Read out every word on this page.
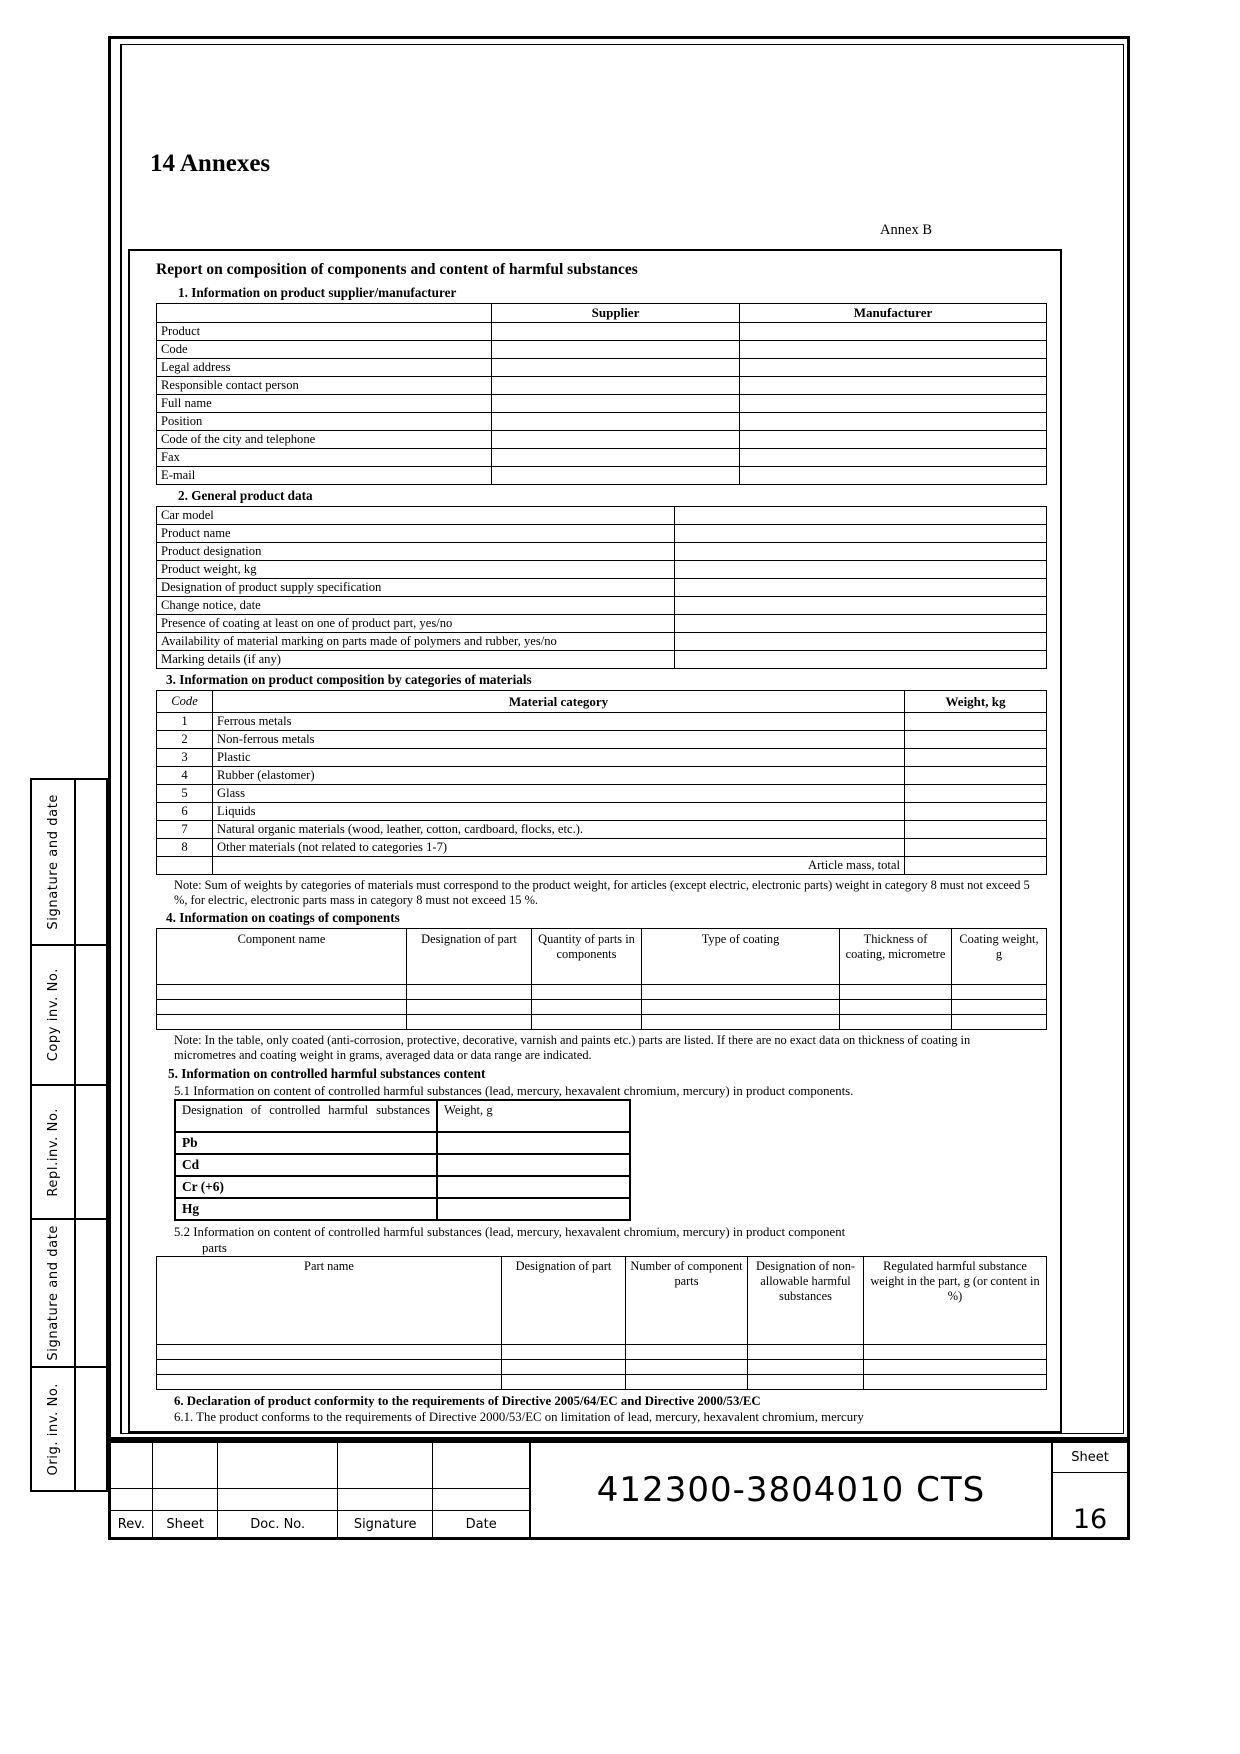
Signature and date
Copy inv. No.
Repl.inv. No.
Signature and date
Orig. inv. No.
14 Annexes
Annex B
Report on composition of components and content of harmful substances
1. Information on product supplier/manufacturer
	Supplier	Manufacturer
Product		
Code		
Legal address		
Responsible contact person		
Full name		
Position		
Code of the city and telephone		
Fax		
E-mail		
2. General product data
Car model	
Product name	
Product designation	
Product weight, kg	
Designation of product supply specification	
Change notice, date	
Presence of coating at least on one of product part, yes/no	
Availability of material marking on parts made of polymers and rubber, yes/no	
Marking details (if any)	
3. Information on product composition by categories of materials
Code	Material category	Weight, kg
1	Ferrous metals	
2	Non-ferrous metals	
3	Plastic	
4	Rubber (elastomer)	
5	Glass	
6	Liquids	
7	Natural organic materials (wood, leather, cotton, cardboard, flocks, etc.).	
8	Other materials (not related to categories 1-7)	
	Article mass, total	
Note: Sum of weights by categories of materials must correspond to the product weight, for articles (except electric, electronic parts) weight in category 8 must not exceed 5 %, for electric, electronic parts mass in category 8 must not exceed 15 %.
4. Information on coatings of components
Component name	Designation of part	Quantity of parts in components	Type of coating	Thickness of coating, micrometre	Coating weight, g

Note: In the table, only coated (anti-corrosion, protective, decorative, varnish and paints etc.) parts are listed. If there are no exact data on thickness of coating in micrometres and coating weight in grams, averaged data or data range are indicated.
5. Information on controlled harmful substances content
5.1 Information on content of controlled harmful substances (lead, mercury, hexavalent chromium, mercury) in product components.
Designation of controlled harmful substances	Weight, g
Pb	
Cd	
Cr (+6)	
Hg	
5.2 Information on content of controlled harmful substances (lead, mercury, hexavalent chromium, mercury) in product component
parts
Part name	Designation of part	Number of component parts	Designation of non-allowable harmful substances	Regulated harmful substance weight in the part, g (or content in %)

6. Declaration of product conformity to the requirements of Directive 2005/64/EC and Directive 2000/53/EC
6.1. The product conforms to the requirements of Directive 2000/53/EC on limitation of lead, mercury, hexavalent chromium, mercury
Rev.	Sheet	Doc. No.	Signature	Date
412300-3804010 CTS
Sheet
16
